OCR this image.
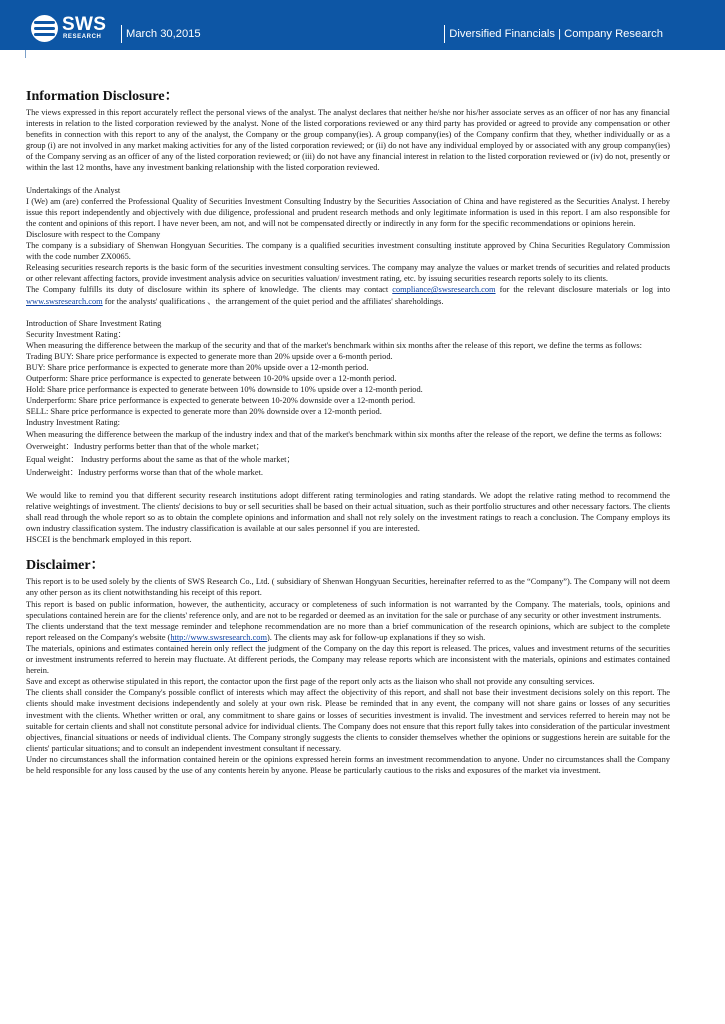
SWS
RESEARCH	March 30,2015	Diversified Financials | Company Research
Information Disclosure：

The views expressed in this report accurately reflect the personal views of the analyst. The analyst declares that neither he/she nor his/her associate serves as an officer of nor has any financial interests in relation to the listed corporation reviewed by the analyst. None of the listed corporations reviewed or any third party has provided or agreed to provide any compensation or other benefits in connection with this report to any of the analyst, the Company or the group company(ies). A group company(ies) of the Company confirm that they, whether individually or as a group (i) are not involved in any market making activities for any of the listed corporation reviewed; or (ii) do not have any individual employed by or associated with any group company(ies) of the Company serving as an officer of any of the listed corporation reviewed; or (iii) do not have any financial interest in relation to the listed corporation reviewed or (iv) do not, presently or within the last 12 months, have any investment banking relationship with the listed corporation reviewed.

Undertakings of the Analyst

I (We) am (are) conferred the Professional Quality of Securities Investment Consulting Industry by the Securities Association of China and have registered as the Securities Analyst. I hereby issue this report independently and objectively with due diligence, professional and prudent research methods and only legitimate information is used in this report. I am also responsible for the content and opinions of this report. I have never been, am not, and will not be compensated directly or indirectly in any form for the specific recommendations or opinions herein.

Disclosure with respect to the Company

The company is a subsidiary of Shenwan Hongyuan Securities. The company is a qualified securities investment consulting institute approved by China Securities Regulatory Commission with the code number ZX0065.

Releasing securities research reports is the basic form of the securities investment consulting services. The company may analyze the values or market trends of securities and related products or other relevant affecting factors, provide investment analysis advice on securities valuation/ investment rating, etc. by issuing securities research reports solely to its clients.

The Company fulfills its duty of disclosure within its sphere of knowledge. The clients may contact compliance@swsresearch.com for the relevant disclosure materials or log into www.swsresearch.com for the analysts' qualifications 、the arrangement of the quiet period and the affiliates' shareholdings.

Introduction of Share Investment Rating

Security Investment Rating：

When measuring the difference between the markup of the security and that of the market's benchmark within six months after the release of this report, we define the terms as follows:

Trading BUY: Share price performance is expected to generate more than 20% upside over a 6-month period.

BUY: Share price performance is expected to generate more than 20% upside over a 12-month period.

Outperform: Share price performance is expected to generate between 10-20% upside over a 12-month period.

Hold: Share price performance is expected to generate between 10% downside to 10% upside over a 12-month period.

Underperform: Share price performance is expected to generate between 10-20% downside over a 12-month period.

SELL: Share price performance is expected to generate more than 20% downside over a 12-month period.

Industry Investment Rating:

When measuring the difference between the markup of the industry index and that of the market's benchmark within six months after the release of the report, we define the terms as follows:

Overweight：Industry performs better than that of the whole market；

Equal weight： Industry performs about the same as that of the whole market；

Underweight：Industry performs worse than that of the whole market.

We would like to remind you that different security research institutions adopt different rating terminologies and rating standards. We adopt the relative rating method to recommend the relative weightings of investment. The clients' decisions to buy or sell securities shall be based on their actual situation, such as their portfolio structures and other necessary factors. The clients shall read through the whole report so as to obtain the complete opinions and information and shall not rely solely on the investment ratings to reach a conclusion. The Company employs its own industry classification system. The industry classification is available at our sales personnel if you are interested.

HSCEI is the benchmark employed in this report.

Disclaimer：

This report is to be used solely by the clients of SWS Research Co., Ltd. ( subsidiary of Shenwan Hongyuan Securities, hereinafter referred to as the “Company”). The Company will not deem any other person as its client notwithstanding his receipt of this report.

This report is based on public information, however, the authenticity, accuracy or completeness of such information is not warranted by the Company. The materials, tools, opinions and speculations contained herein are for the clients' reference only, and are not to be regarded or deemed as an invitation for the sale or purchase of any security or other investment instruments.

The clients understand that the text message reminder and telephone recommendation are no more than a brief communication of the research opinions, which are subject to the complete report released on the Company's website (http://www.swsresearch.com). The clients may ask for follow-up explanations if they so wish.

The materials, opinions and estimates contained herein only reflect the judgment of the Company on the day this report is released. The prices, values and investment returns of the securities or investment instruments referred to herein may fluctuate. At different periods, the Company may release reports which are inconsistent with the materials, opinions and estimates contained herein.

Save and except as otherwise stipulated in this report, the contactor upon the first page of the report only acts as the liaison who shall not provide any consulting services.

The clients shall consider the Company's possible conflict of interests which may affect the objectivity of this report, and shall not base their investment decisions solely on this report. The clients should make investment decisions independently and solely at your own risk. Please be reminded that in any event, the company will not share gains or losses of any securities investment with the clients. Whether written or oral, any commitment to share gains or losses of securities investment is invalid. The investment and services referred to herein may not be suitable for certain clients and shall not constitute personal advice for individual clients. The Company does not ensure that this report fully takes into consideration of the particular investment objectives, financial situations or needs of individual clients. The Company strongly suggests the clients to consider themselves whether the opinions or suggestions herein are suitable for the clients' particular situations; and to consult an independent investment consultant if necessary.

Under no circumstances shall the information contained herein or the opinions expressed herein forms an investment recommendation to anyone. Under no circumstances shall the Company be held responsible for any loss caused by the use of any contents herein by anyone. Please be particularly cautious to the risks and exposures of the market via investment.
